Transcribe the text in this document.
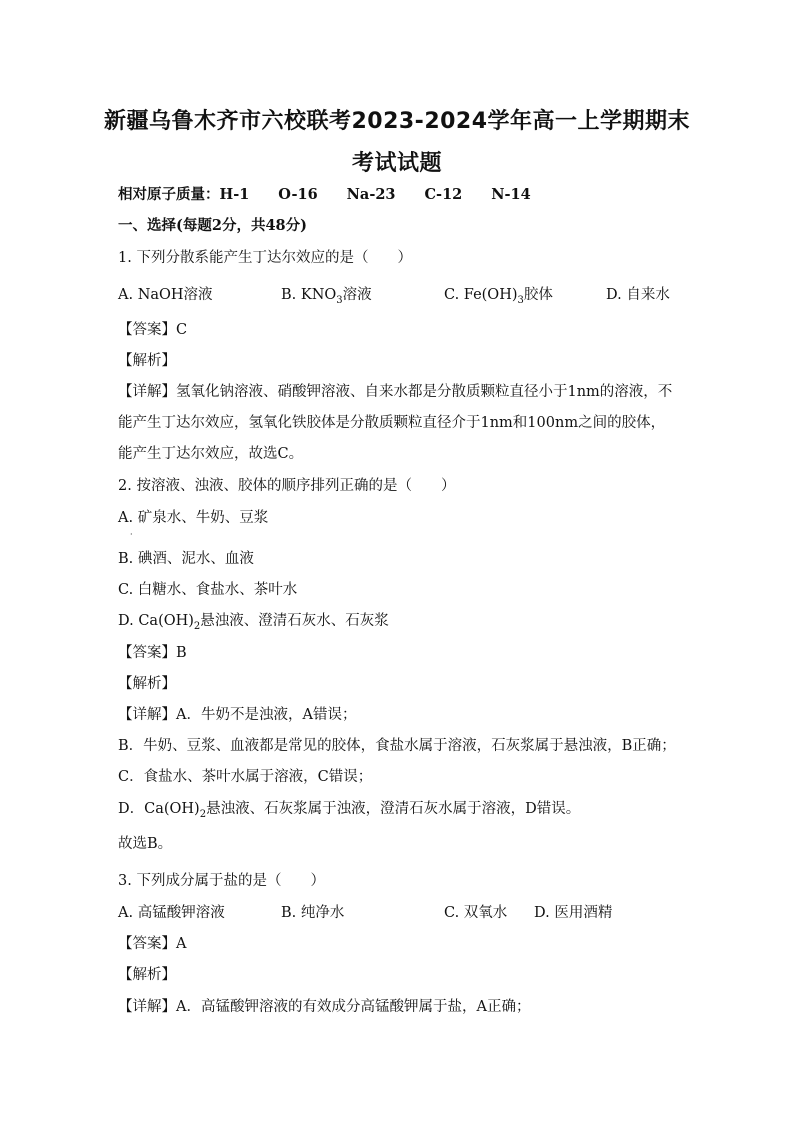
新疆乌鲁木齐市六校联考2023-2024学年高一上学期期末
考试试题
相对原子质量：H-1　　O-16　　Na-23　　C-12　　N-14
一、选择(每题2分，共48分)
1. 下列分散系能产生丁达尔效应的是（　　）
A. NaOH溶液	B. $KNO_3$溶液	C. $Fe(OH)_3$胶体	D. 自来水
【答案】C
【解析】
【详解】氢氧化钠溶液、硝酸钾溶液、自来水都是分散质颗粒直径小于1nm的溶液，不能产生丁达尔效应，氢氧化铁胶体是分散质颗粒直径介于1nm和100nm之间的胶体，能产生丁达尔效应，故选C。
2. 按溶液、浊液、胶体的顺序排列正确的是（　　）
A. 矿泉水、牛奶、豆浆
·
B. 碘酒、泥水、血液
C. 白糖水、食盐水、茶叶水
D. $Ca(OH)_2$悬浊液、澄清石灰水、石灰浆
【答案】B
【解析】
【详解】A．牛奶不是浊液，A错误；
B．牛奶、豆浆、血液都是常见的胶体，食盐水属于溶液，石灰浆属于悬浊液，B正确；
C．食盐水、茶叶水属于溶液，C错误；
D．$Ca(OH)_2$悬浊液、石灰浆属于浊液，澄清石灰水属于溶液，D错误。
故选B。
3. 下列成分属于盐的是（　　）
A. 高锰酸钾溶液	B. 纯净水	C. 双氧水 D. 医用酒精
【答案】A
【解析】
【详解】A．高锰酸钾溶液的有效成分高锰酸钾属于盐，A正确；
